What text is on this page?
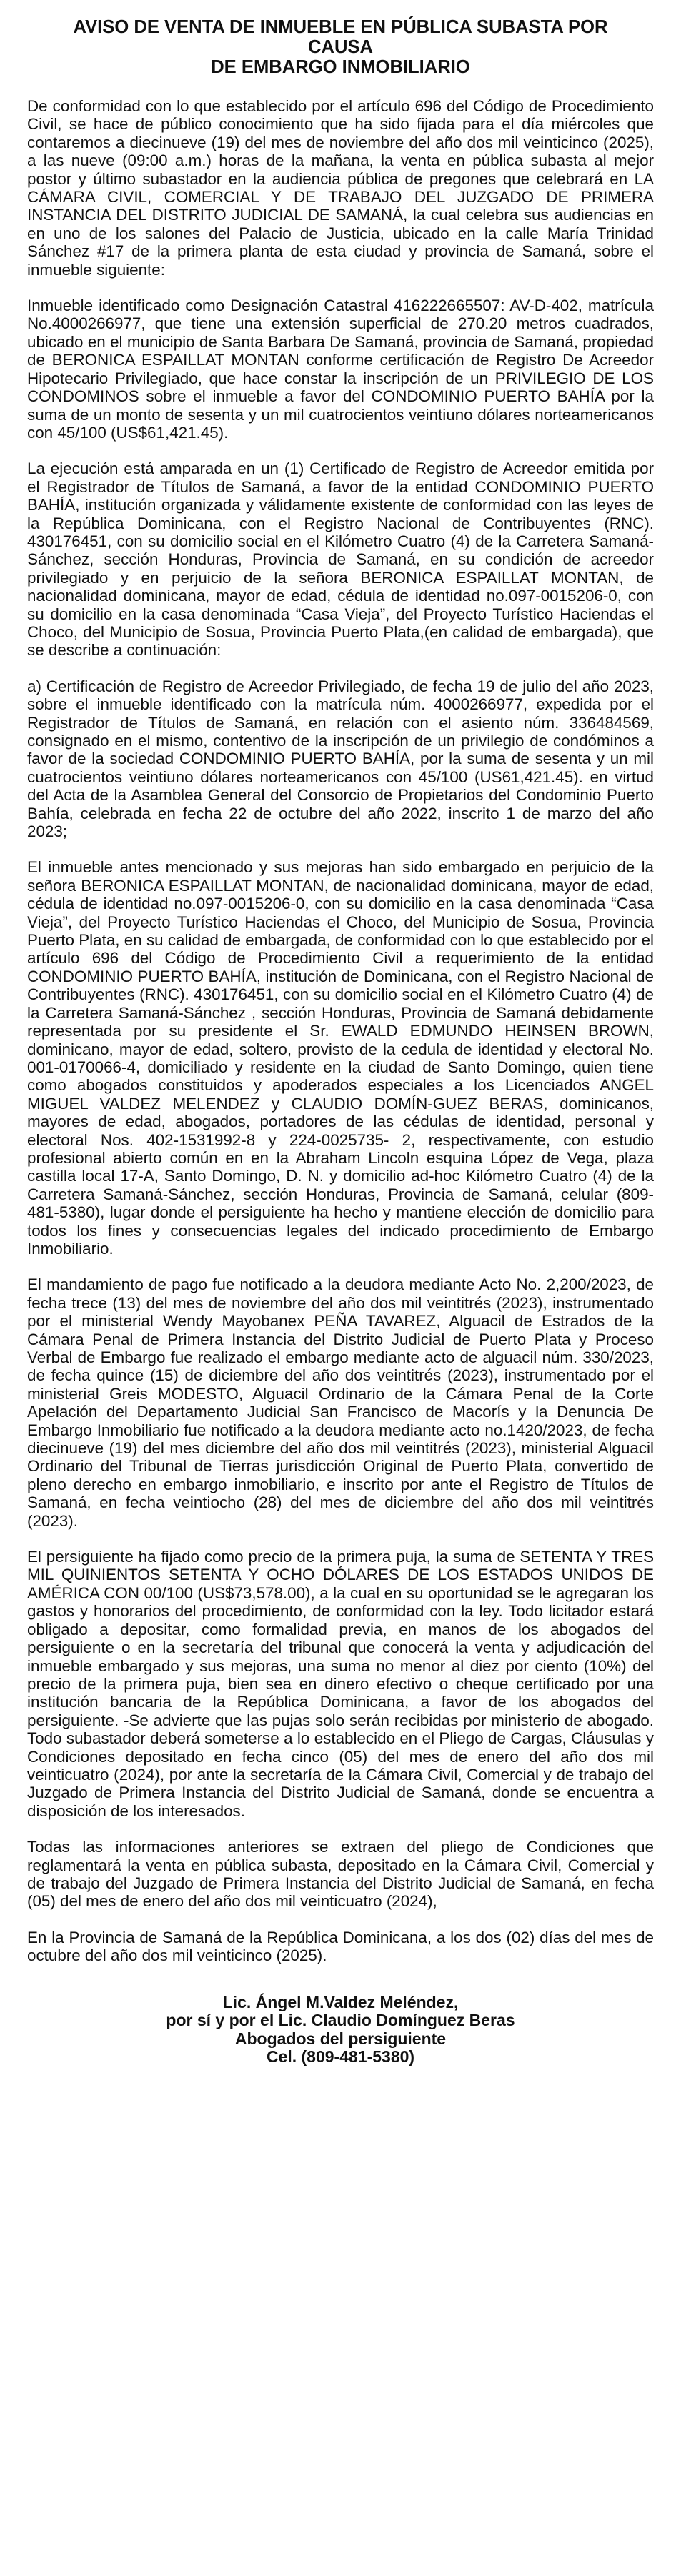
AVISO DE VENTA DE INMUEBLE EN PÚBLICA SUBASTA POR
CAUSA
DE EMBARGO INMOBILIARIO

De conformidad con lo que establecido por el artículo 696 del Código de Procedimiento Civil, se hace de público conocimiento que ha sido fijada para el día miércoles que contaremos a diecinueve (19) del mes de noviembre del año dos mil veinticinco (2025), a las nueve (09:00 a.m.) horas de la mañana, la venta en pública subasta al mejor postor y último subastador en la audiencia pública de pregones que celebrará en LA CÁMARA CIVIL, COMERCIAL Y DE TRABAJO DEL JUZGADO DE PRIMERA INSTANCIA DEL DISTRITO JUDICIAL DE SAMANÁ, la cual celebra sus audiencias en en uno de los salones del Palacio de Justicia, ubicado en la calle María Trinidad Sánchez #17 de la primera planta de esta ciudad y provincia de Samaná, sobre el inmueble siguiente:

Inmueble identificado como Designación Catastral 416222665507: AV-D-402, matrícula No.4000266977, que tiene una extensión superficial de 270.20 metros cuadrados, ubicado en el municipio de Santa Barbara De Samaná, provincia de Samaná, propiedad de BERONICA ESPAILLAT MONTAN conforme certificación de Registro De Acreedor Hipotecario Privilegiado, que hace constar la inscripción de un PRIVILEGIO DE LOS CONDOMINOS sobre el inmueble a favor del CONDOMINIO PUERTO BAHÍA por la suma de un monto de sesenta y un mil cuatrocientos veintiuno dólares norteamericanos con 45/100 (US$61,421.45).

La ejecución está amparada en un (1) Certificado de Registro de Acreedor emitida por el Registrador de Títulos de Samaná, a favor de la entidad CONDOMINIO PUERTO BAHÍA, institución organizada y válidamente existente de conformidad con las leyes de la República Dominicana, con el Registro Nacional de Contribuyentes (RNC). 430176451, con su domicilio social en el Kilómetro Cuatro (4) de la Carretera Samaná-Sánchez, sección Honduras, Provincia de Samaná, en su condición de acreedor privilegiado y en perjuicio de la señora BERONICA ESPAILLAT MONTAN, de nacionalidad dominicana, mayor de edad, cédula de identidad no.097-0015206-0, con su domicilio en la casa denominada “Casa Vieja”, del Proyecto Turístico Haciendas el Choco, del Municipio de Sosua, Provincia Puerto Plata,(en calidad de embargada), que se describe a continuación:

a) Certificación de Registro de Acreedor Privilegiado, de fecha 19 de julio del año 2023, sobre el inmueble identificado con la matrícula núm. 4000266977, expedida por el Registrador de Títulos de Samaná, en relación con el asiento núm. 336484569, consignado en el mismo, contentivo de la inscripción de un privilegio de condóminos a favor de la sociedad CONDOMINIO PUERTO BAHÍA, por la suma de sesenta y un mil cuatrocientos veintiuno dólares norteamericanos con 45/100 (US61,421.45). en virtud del Acta de la Asamblea General del Consorcio de Propietarios del Condominio Puerto Bahía, celebrada en fecha 22 de octubre del año 2022, inscrito 1 de marzo del año 2023;

El inmueble antes mencionado y sus mejoras han sido embargado en perjuicio de la señora BERONICA ESPAILLAT MONTAN, de nacionalidad dominicana, mayor de edad, cédula de identidad no.097-0015206-0, con su domicilio en la casa denominada “Casa Vieja”, del Proyecto Turístico Haciendas el Choco, del Municipio de Sosua, Provincia Puerto Plata, en su calidad de embargada, de conformidad con lo que establecido por el artículo 696 del Código de Procedimiento Civil a requerimiento de la entidad CONDOMINIO PUERTO BAHÍA, institución de Dominicana, con el Registro Nacional de Contribuyentes (RNC). 430176451, con su domicilio social en el Kilómetro Cuatro (4) de la Carretera Samaná-Sánchez , sección Honduras, Provincia de Samaná debidamente representada por su presidente el Sr. EWALD EDMUNDO HEINSEN BROWN, dominicano, mayor de edad, soltero, provisto de la cedula de identidad y electoral No. 001-0170066-4, domiciliado y residente en la ciudad de Santo Domingo, quien tiene como abogados constituidos y apoderados especiales a los Licenciados ANGEL MIGUEL VALDEZ MELENDEZ y CLAUDIO DOMÍN-GUEZ BERAS, dominicanos, mayores de edad, abogados, portadores de las cédulas de identidad, personal y electoral Nos. 402-1531992-8 y 224-0025735- 2, respectivamente, con estudio profesional abierto común en en la Abraham Lincoln esquina López de Vega, plaza castilla local 17-A, Santo Domingo, D. N. y domicilio ad-hoc Kilómetro Cuatro (4) de la Carretera Samaná-Sánchez, sección Honduras, Provincia de Samaná, celular (809-481-5380), lugar donde el persiguiente ha hecho y mantiene elección de domicilio para todos los fines y consecuencias legales del indicado procedimiento de Embargo Inmobiliario.

El mandamiento de pago fue notificado a la deudora mediante Acto No. 2,200/2023, de fecha trece (13) del mes de noviembre del año dos mil veintitrés (2023), instrumentado por el ministerial Wendy Mayobanex PEÑA TAVAREZ, Alguacil de Estrados de la Cámara Penal de Primera Instancia del Distrito Judicial de Puerto Plata y Proceso Verbal de Embargo fue realizado el embargo mediante acto de alguacil núm. 330/2023, de fecha quince (15) de diciembre del año dos veintitrés (2023), instrumentado por el ministerial Greis MODESTO, Alguacil Ordinario de la Cámara Penal de la Corte Apelación del Departamento Judicial San Francisco de Macorís y la Denuncia De Embargo Inmobiliario fue notificado a la deudora mediante acto no.1420/2023, de fecha diecinueve (19) del mes diciembre del año dos mil veintitrés (2023), ministerial Alguacil Ordinario del Tribunal de Tierras jurisdicción Original de Puerto Plata, convertido de pleno derecho en embargo inmobiliario, e inscrito por ante el Registro de Títulos de Samaná, en fecha veintiocho (28) del mes de diciembre del año dos mil veintitrés (2023).

El persiguiente ha fijado como precio de la primera puja, la suma de SETENTA Y TRES MIL QUINIENTOS SETENTA Y OCHO DÓLARES DE LOS ESTADOS UNIDOS DE AMÉRICA CON 00/100 (US$73,578.00), a la cual en su oportunidad se le agregaran los gastos y honorarios del procedimiento, de conformidad con la ley. Todo licitador estará obligado a depositar, como formalidad previa, en manos de los abogados del persiguiente o en la secretaría del tribunal que conocerá la venta y adjudicación del inmueble embargado y sus mejoras, una suma no menor al diez por ciento (10%) del precio de la primera puja, bien sea en dinero efectivo o cheque certificado por una institución bancaria de la República Dominicana, a favor de los abogados del persiguiente. -Se advierte que las pujas solo serán recibidas por ministerio de abogado. Todo subastador deberá someterse a lo establecido en el Pliego de Cargas, Cláusulas y Condiciones depositado en fecha cinco (05) del mes de enero del año dos mil veinticuatro (2024), por ante la secretaría de la Cámara Civil, Comercial y de trabajo del Juzgado de Primera Instancia del Distrito Judicial de Samaná, donde se encuentra a disposición de los interesados.

Todas las informaciones anteriores se extraen del pliego de Condiciones que reglamentará la venta en pública subasta, depositado en la Cámara Civil, Comercial y de trabajo del Juzgado de Primera Instancia del Distrito Judicial de Samaná, en fecha (05) del mes de enero del año dos mil veinticuatro (2024),

En la Provincia de Samaná de la República Dominicana, a los dos (02) días del mes de octubre del año dos mil veinticinco (2025).

Lic. Ángel M.Valdez Meléndez,
por sí y por el Lic. Claudio Domínguez Beras
Abogados del persiguiente
Cel. (809-481-5380)
